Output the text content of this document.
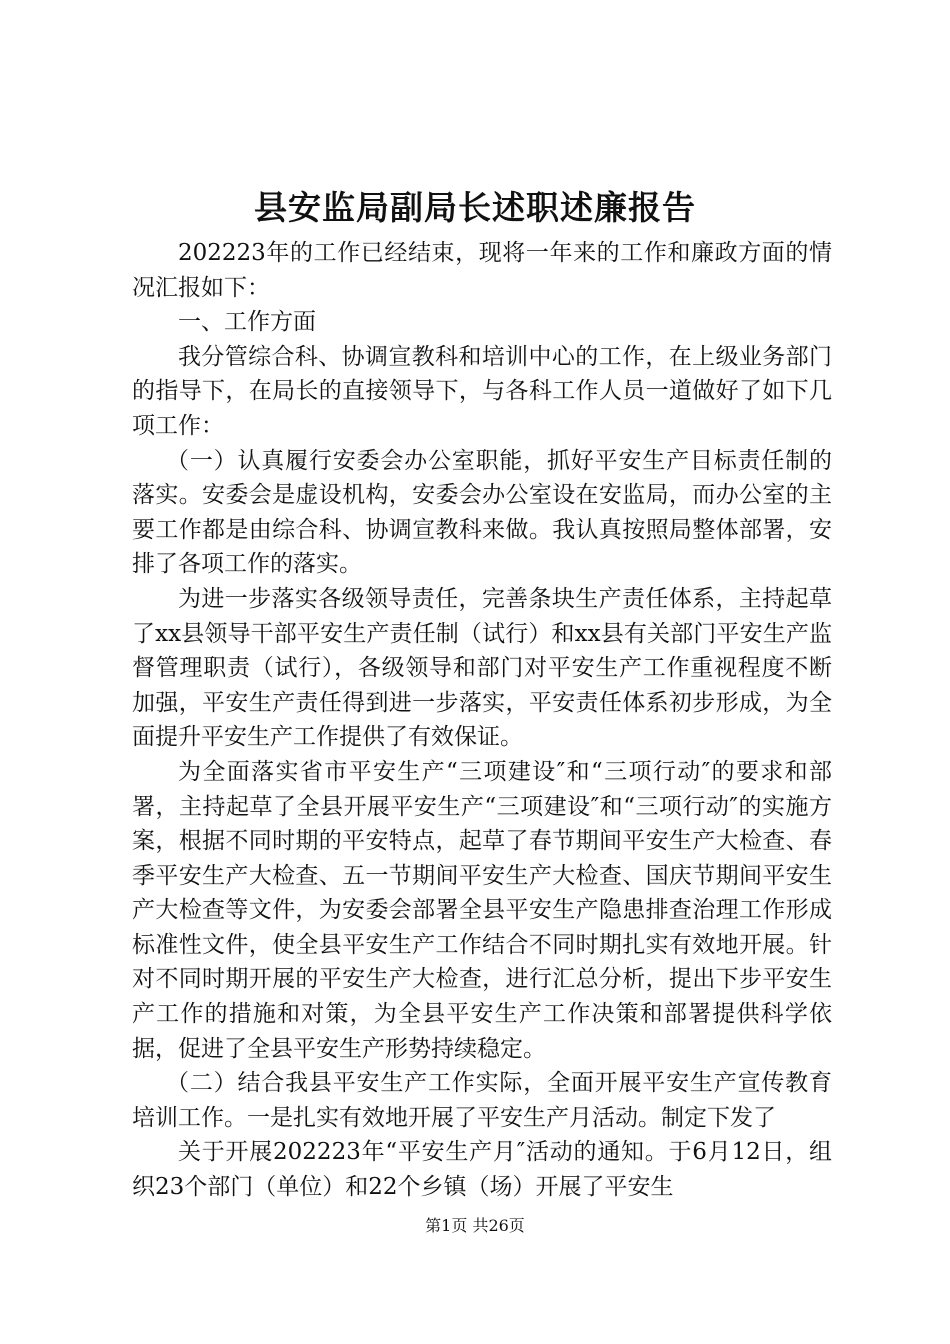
县安监局副局长述职述廉报告

202223年的工作已经结束，现将一年来的工作和廉政方面的情况汇报如下：

一、工作方面

我分管综合科、协调宣教科和培训中心的工作，在上级业务部门的指导下，在局长的直接领导下，与各科工作人员一道做好了如下几项工作：

（一）认真履行安委会办公室职能，抓好平安生产目标责任制的落实。安委会是虚设机构，安委会办公室设在安监局，而办公室的主要工作都是由综合科、协调宣教科来做。我认真按照局整体部署，安排了各项工作的落实。

为进一步落实各级领导责任，完善条块生产责任体系，主持起草了xx县领导干部平安生产责任制（试行）和xx县有关部门平安生产监督管理职责（试行），各级领导和部门对平安生产工作重视程度不断加强，平安生产责任得到进一步落实，平安责任体系初步形成，为全面提升平安生产工作提供了有效保证。

为全面落实省市平安生产“三项建设″和“三项行动″的要求和部署，主持起草了全县开展平安生产“三项建设″和“三项行动″的实施方案，根据不同时期的平安特点，起草了春节期间平安生产大检查、春季平安生产大检查、五一节期间平安生产大检查、国庆节期间平安生产大检查等文件，为安委会部署全县平安生产隐患排查治理工作形成标准性文件，使全县平安生产工作结合不同时期扎实有效地开展。针对不同时期开展的平安生产大检查，进行汇总分析，提出下步平安生产工作的措施和对策，为全县平安生产工作决策和部署提供科学依据，促进了全县平安生产形势持续稳定。

（二）结合我县平安生产工作实际，全面开展平安生产宣传教育培训工作。一是扎实有效地开展了平安生产月活动。制定下发了

关于开展202223年“平安生产月″活动的通知。于6月12日，组织23个部门（单位）和22个乡镇（场）开展了平安生

第1页 共26页
